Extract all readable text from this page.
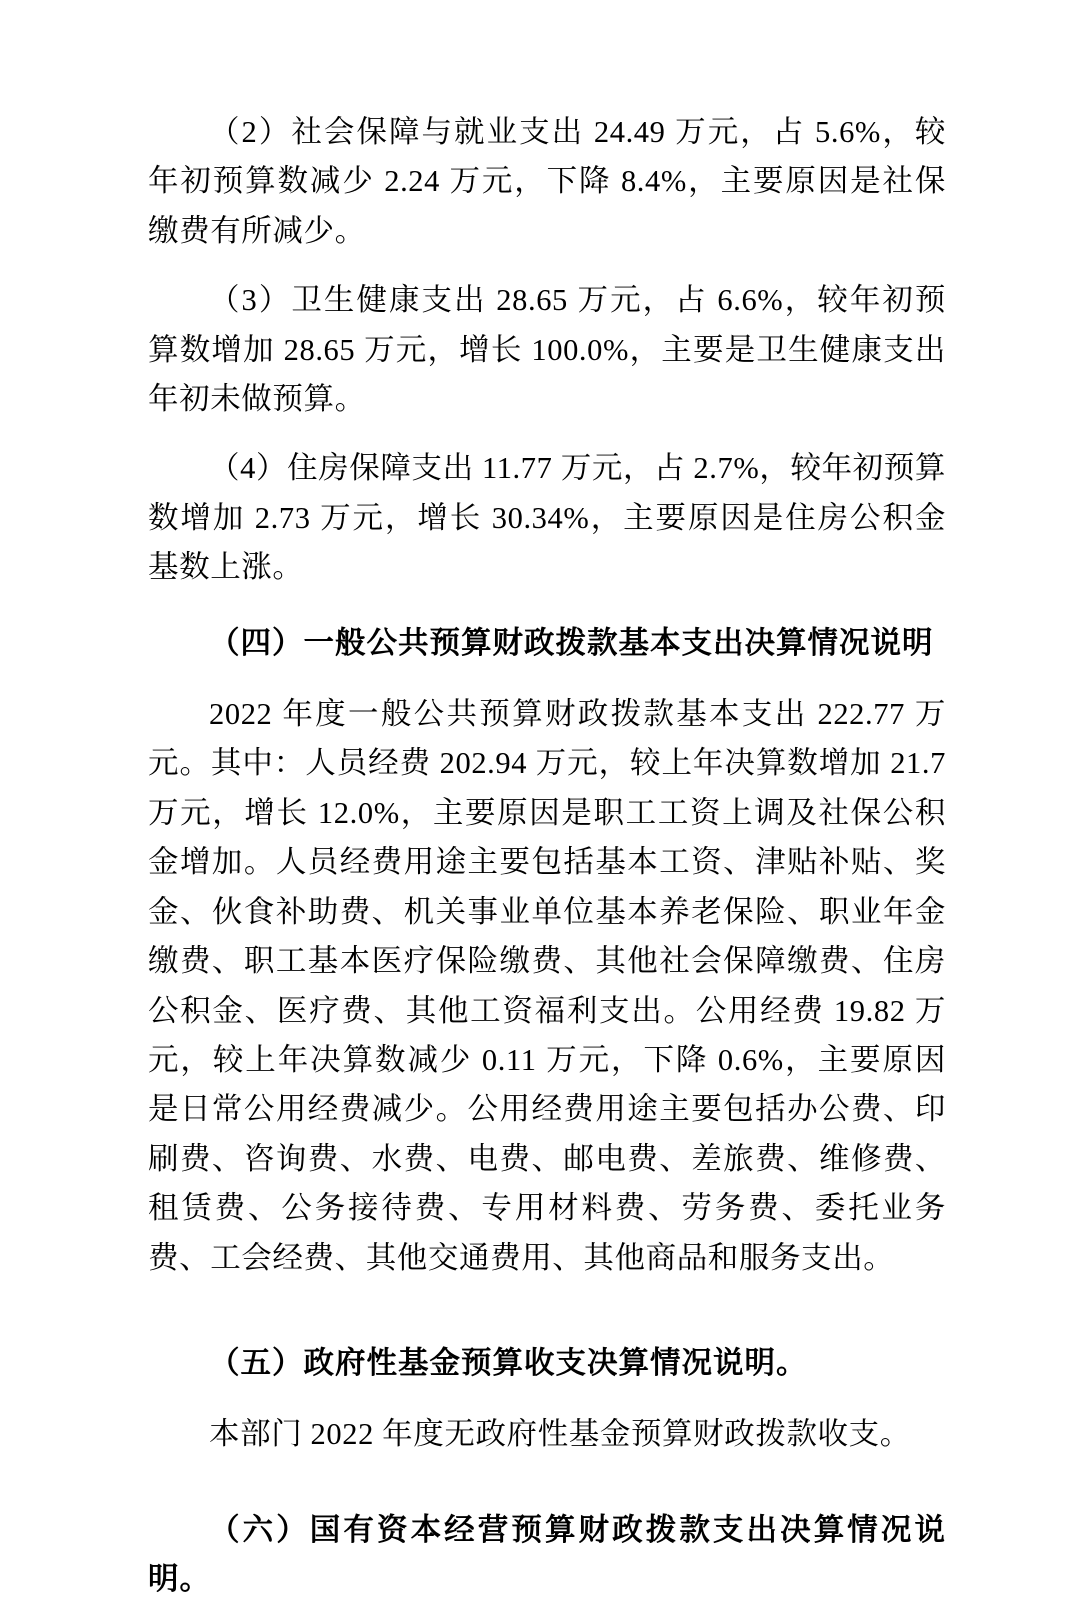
（2）社会保障与就业支出 24.49 万元，占 5.6%，较年初预算数减少 2.24 万元，下降 8.4%，主要原因是社保缴费有所减少。

（3）卫生健康支出 28.65 万元，占 6.6%，较年初预算数增加 28.65 万元，增长 100.0%，主要是卫生健康支出年初未做预算。

（4）住房保障支出 11.77 万元，占 2.7%，较年初预算数增加 2.73 万元，增长 30.34%，主要原因是住房公积金基数上涨。

（四）一般公共预算财政拨款基本支出决算情况说明

2022 年度一般公共预算财政拨款基本支出 222.77 万元。其中：人员经费 202.94 万元，较上年决算数增加 21.7 万元，增长 12.0%，主要原因是职工工资上调及社保公积金增加。人员经费用途主要包括基本工资、津贴补贴、奖金、伙食补助费、机关事业单位基本养老保险、职业年金缴费、职工基本医疗保险缴费、其他社会保障缴费、住房公积金、医疗费、其他工资福利支出。公用经费 19.82 万元，较上年决算数减少 0.11 万元，下降 0.6%，主要原因是日常公用经费减少。公用经费用途主要包括办公费、印刷费、咨询费、水费、电费、邮电费、差旅费、维修费、租赁费、公务接待费、专用材料费、劳务费、委托业务费、工会经费、其他交通费用、其他商品和服务支出。

（五）政府性基金预算收支决算情况说明。

本部门 2022 年度无政府性基金预算财政拨款收支。

（六）国有资本经营预算财政拨款支出决算情况说明。
